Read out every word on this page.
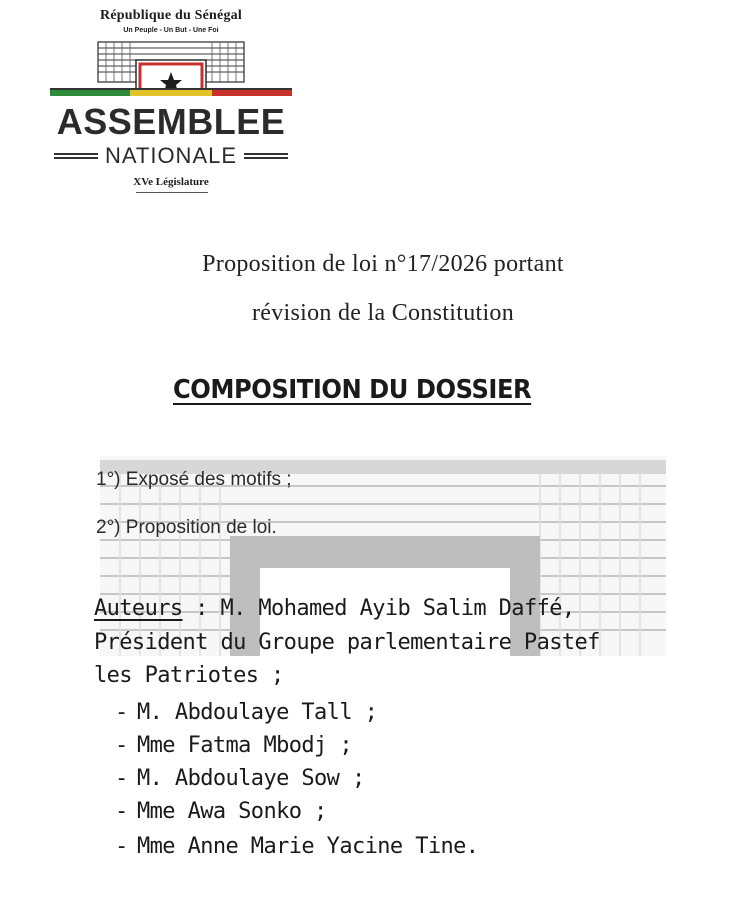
République du Sénégal
Un Peuple - Un But - Une Foi
ASSEMBLEE
NATIONALE
XVe Législature
Proposition de loi n°17/2026 portant
révision de la Constitution
COMPOSITION DU DOSSIER
1°) Exposé des motifs ;
2°) Proposition de loi.
Auteurs : M. Mohamed Ayib Salim Daffé,
Président du Groupe parlementaire Pastef
les Patriotes ;
- M. Abdoulaye Tall ;
- Mme Fatma Mbodj ;
- M. Abdoulaye Sow ;
- Mme Awa Sonko ;
- Mme Anne Marie Yacine Tine.
